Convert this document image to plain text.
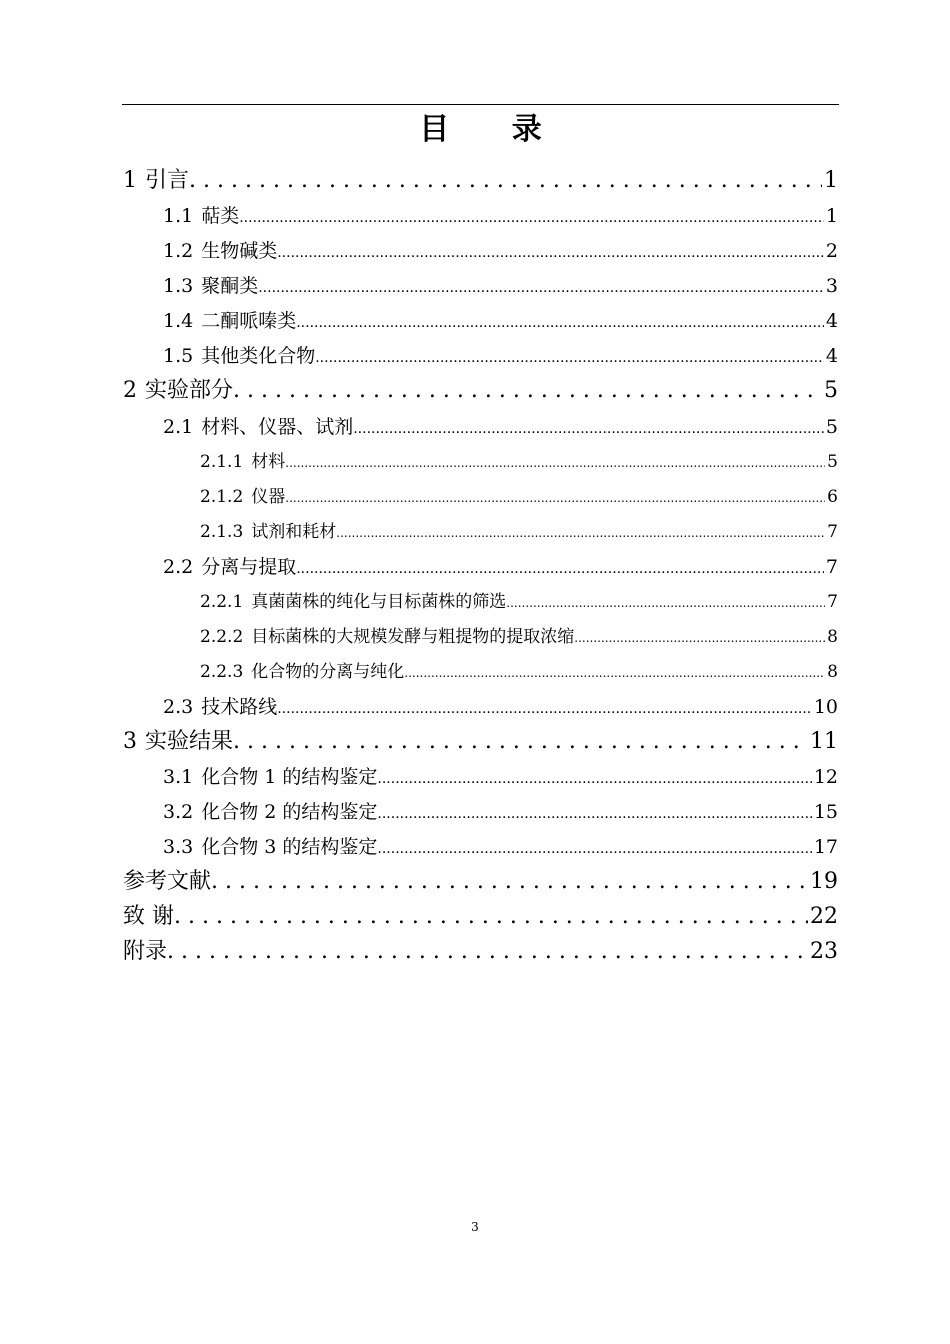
目 录
1 引言 .....	1
1.1 萜类 .....	1
1.2 生物碱类 .....	2
1.3 聚酮类 .....	3
1.4 二酮哌嗪类 .....	4
1.5 其他类化合物 .....	4
2 实验部分 .....	5
2.1 材料、仪器、试剂 .....	5
2.1.1 材料 .....	5
2.1.2 仪器 .....	6
2.1.3 试剂和耗材 .....	7
2.2 分离与提取 .....	7
2.2.1 真菌菌株的纯化与目标菌株的筛选 .....	7
2.2.2 目标菌株的大规模发酵与粗提物的提取浓缩 .....	8
2.2.3 化合物的分离与纯化 .....	8
2.3 技术路线 .....	10
3 实验结果 .....	11
3.1 化合物 1 的结构鉴定 .....	12
3.2 化合物 2 的结构鉴定 .....	15
3.3 化合物 3 的结构鉴定 .....	17
参考文献 .....	19
致 谢 .....	22
附录 .....	23
3
